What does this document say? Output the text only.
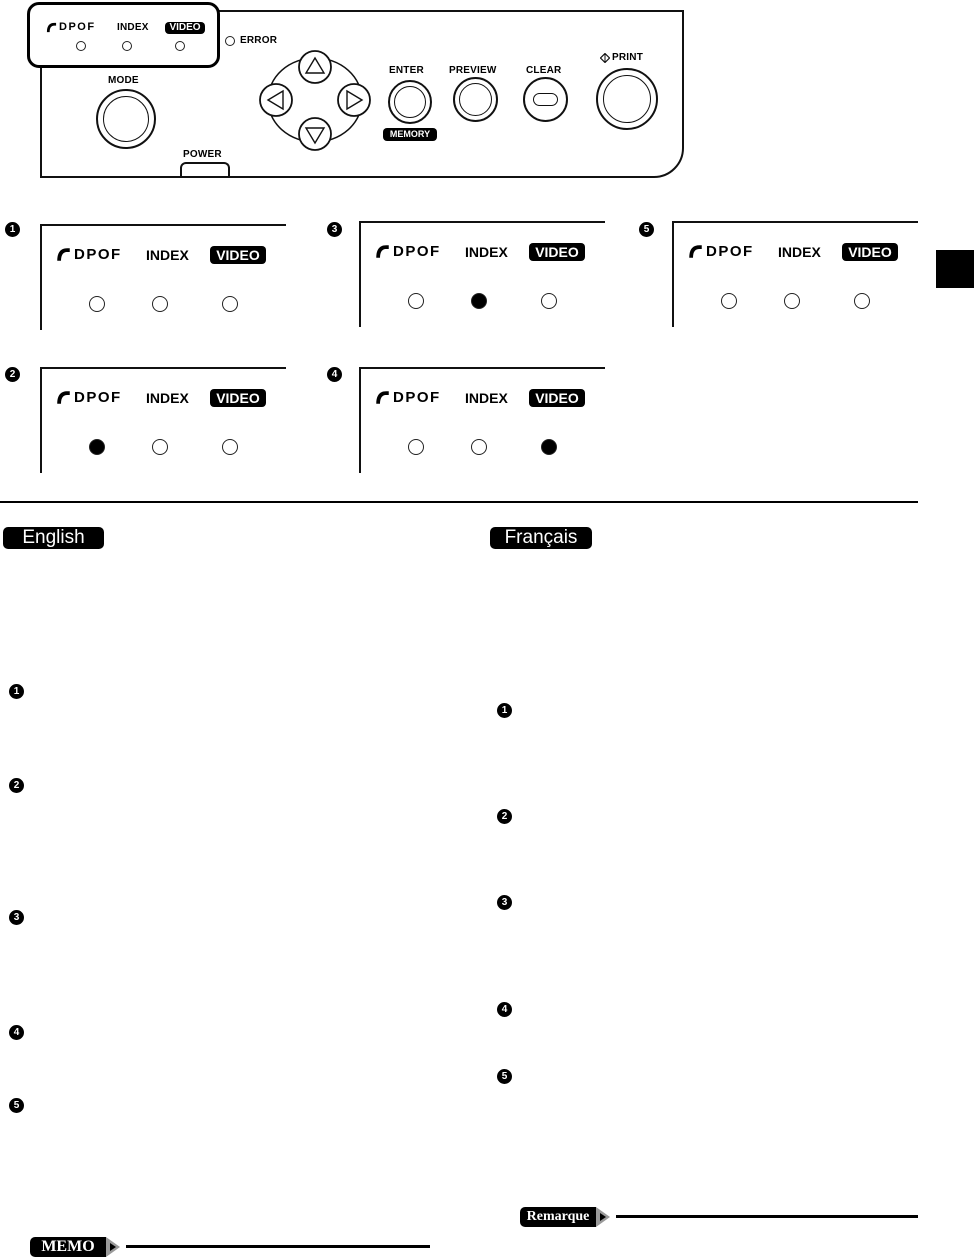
DPOF INDEX	VIDEO
ERROR
MODE
POWER
ENTER
MEMORY
PREVIEW	CLEAR
PRINT
1
DPOF INDEX	VIDEO
3
DPOF INDEX	VIDEO
5
DPOF INDEX	VIDEO
2
DPOF INDEX	VIDEO
4
DPOF INDEX	VIDEO
English
1
2
3
4
5
MEMO
Français
1
2
3
4
5
Remarque
